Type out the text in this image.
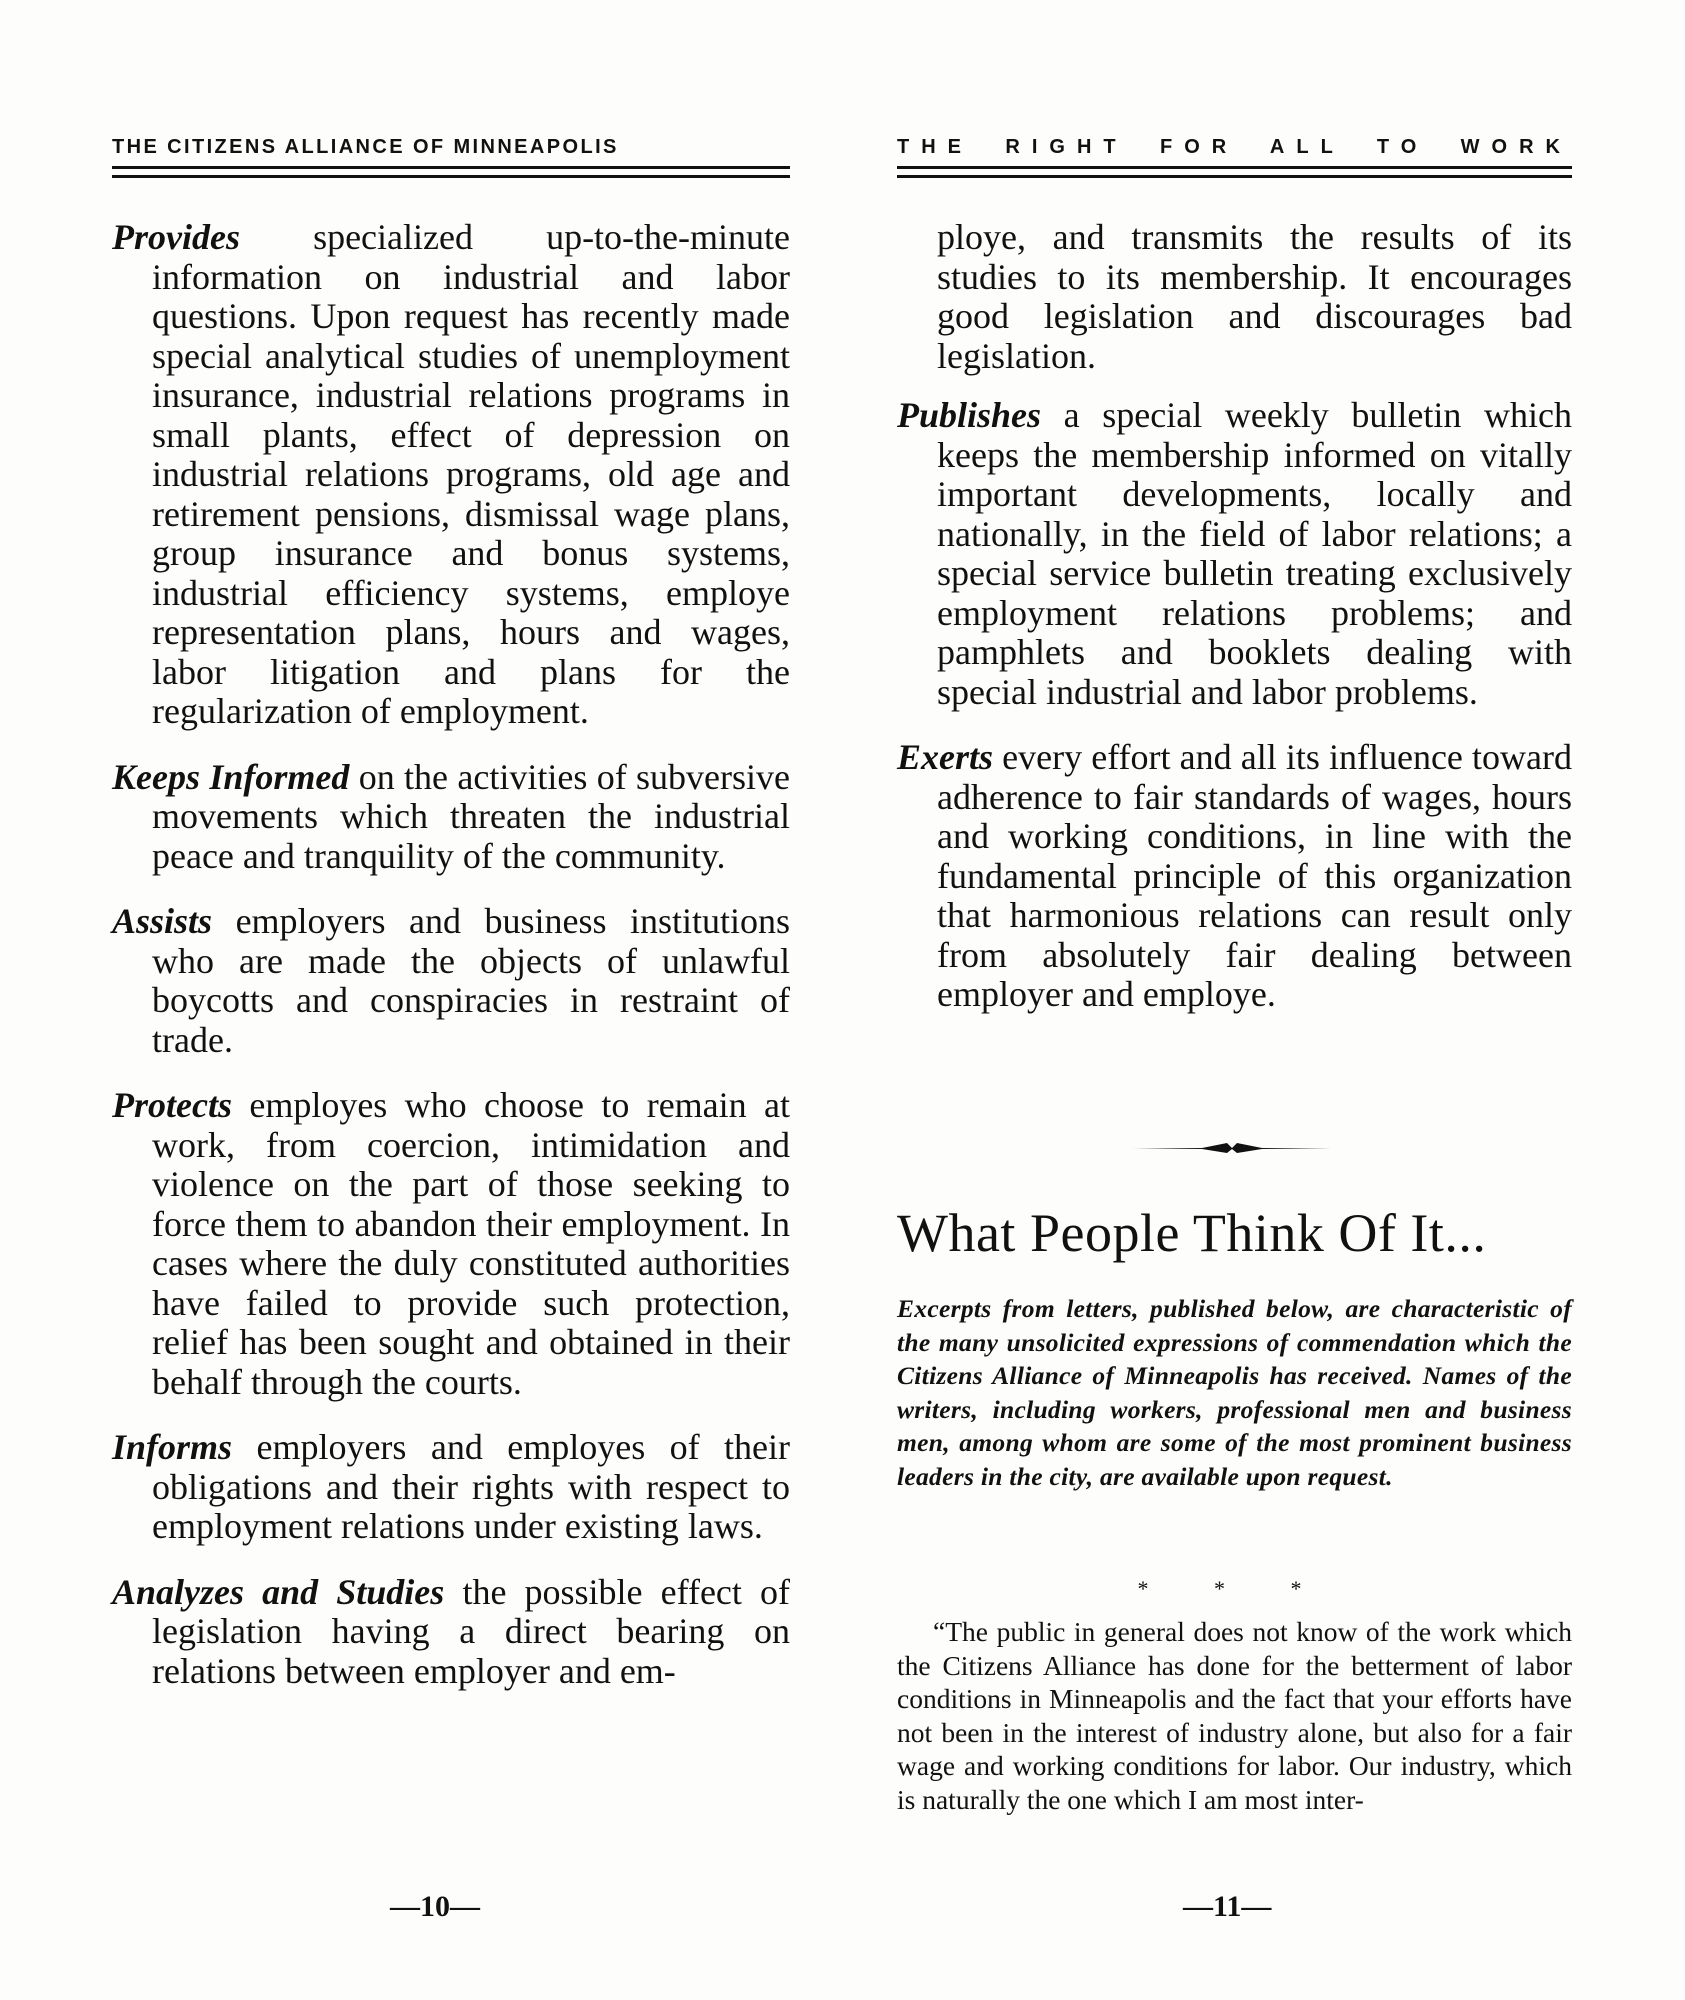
THE CITIZENS ALLIANCE OF MINNEAPOLIS

Provides specialized up-to-the-minute information on industrial and labor questions. Upon request has recently made special analytical studies of unemployment insurance, industrial relations programs in small plants, effect of depression on industrial relations programs, old age and retirement pensions, dismissal wage plans, group insurance and bonus systems, industrial efficiency systems, employe representation plans, hours and wages, labor litigation and plans for the regularization of employment.

Keeps Informed on the activities of subversive movements which threaten the industrial peace and tranquility of the community.

Assists employers and business institutions who are made the objects of unlawful boycotts and conspiracies in restraint of trade.

Protects employes who choose to remain at work, from coercion, intimidation and violence on the part of those seeking to force them to abandon their employment. In cases where the duly constituted authorities have failed to provide such protection, relief has been sought and obtained in their behalf through the courts.

Informs employers and employes of their obligations and their rights with respect to employment relations under existing laws.

Analyzes and Studies the possible effect of legislation having a direct bearing on relations between employer and em-

—10—
THE RIGHT FOR ALL TO WORK

ploye, and transmits the results of its studies to its membership. It encourages good legislation and discourages bad legislation.

Publishes a special weekly bulletin which keeps the membership informed on vitally important developments, locally and nationally, in the field of labor relations; a special service bulletin treating exclusively employment relations problems; and pamphlets and booklets dealing with special industrial and labor problems.

Exerts every effort and all its influence toward adherence to fair standards of wages, hours and working conditions, in line with the fundamental principle of this organization that harmonious relations can result only from absolutely fair dealing between employer and employe.

What People Think Of It...
Excerpts from letters, published below, are characteristic of the many unsolicited expressions of commendation which the Citizens Alliance of Minneapolis has received. Names of the writers, including workers, professional men and business men, among whom are some of the most prominent business leaders in the city, are available upon request.
* * *
“The public in general does not know of the work which the Citizens Alliance has done for the betterment of labor conditions in Minneapolis and the fact that your efforts have not been in the interest of industry alone, but also for a fair wage and working conditions for labor. Our industry, which is naturally the one which I am most inter-
—11—
